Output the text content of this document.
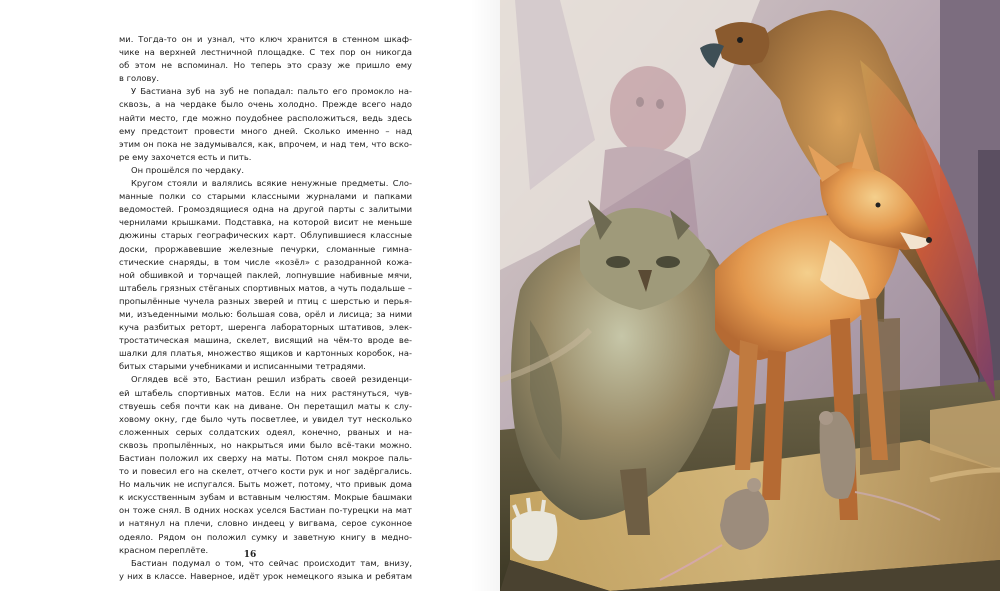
ми. Тогда-то он и узнал, что ключ хранится в стенном шкаф-
чике на верхней лестничной площадке. С тех пор он никогда
об этом не вспоминал. Но теперь это сразу же пришло ему
в голову.
У Бастиана зуб на зуб не попадал: пальто его промокло на-
сквозь, а на чердаке было очень холодно. Прежде всего надо
найти место, где можно поудобнее расположиться, ведь здесь
ему предстоит провести много дней. Сколько именно – над
этим он пока не задумывался, как, впрочем, и над тем, что вско-
ре ему захочется есть и пить.
Он прошёлся по чердаку.
Кругом стояли и валялись всякие ненужные предметы. Сло-
манные полки со старыми классными журналами и папками
ведомостей. Громоздящиеся одна на другой парты с залитыми
чернилами крышками. Подставка, на которой висит не меньше
дюжины старых географических карт. Облупившиеся классные
доски, проржавевшие железные печурки, сломанные гимна-
стические снаряды, в том числе «козёл» с разодранной кожа-
ной обшивкой и торчащей паклей, лопнувшие набивные мячи,
штабель грязных стёганых спортивных матов, а чуть подальше –
пропылённые чучела разных зверей и птиц с шерстью и перья-
ми, изъеденными молью: большая сова, орёл и лисица; за ними
куча разбитых реторт, шеренга лабораторных штативов, элек-
тростатическая машина, скелет, висящий на чём-то вроде ве-
шалки для платья, множество ящиков и картонных коробок, на-
битых старыми учебниками и исписанными тетрадями.
Оглядев всё это, Бастиан решил избрать своей резиденци-
ей штабель спортивных матов. Если на них растянуться, чув-
ствуешь себя почти как на диване. Он перетащил маты к слу-
ховому окну, где было чуть посветлее, и увидел тут несколько
сложенных серых солдатских одеял, конечно, рваных и на-
сквозь пропылённых, но накрыться ими было всё-таки можно.
Бастиан положил их сверху на маты. Потом снял мокрое паль-
то и повесил его на скелет, отчего кости рук и ног задёргались.
Но мальчик не испугался. Быть может, потому, что привык дома
к искусственным зубам и вставным челюстям. Мокрые башмаки
он тоже снял. В одних носках уселся Бастиан по-турецки на мат
и натянул на плечи, словно индеец у вигвама, серое суконное
одеяло. Рядом он положил сумку и заветную книгу в медно-
красном переплёте.
Бастиан подумал о том, что сейчас происходит там, внизу,
у них в классе. Наверное, идёт урок немецкого языка и ребятам
16
